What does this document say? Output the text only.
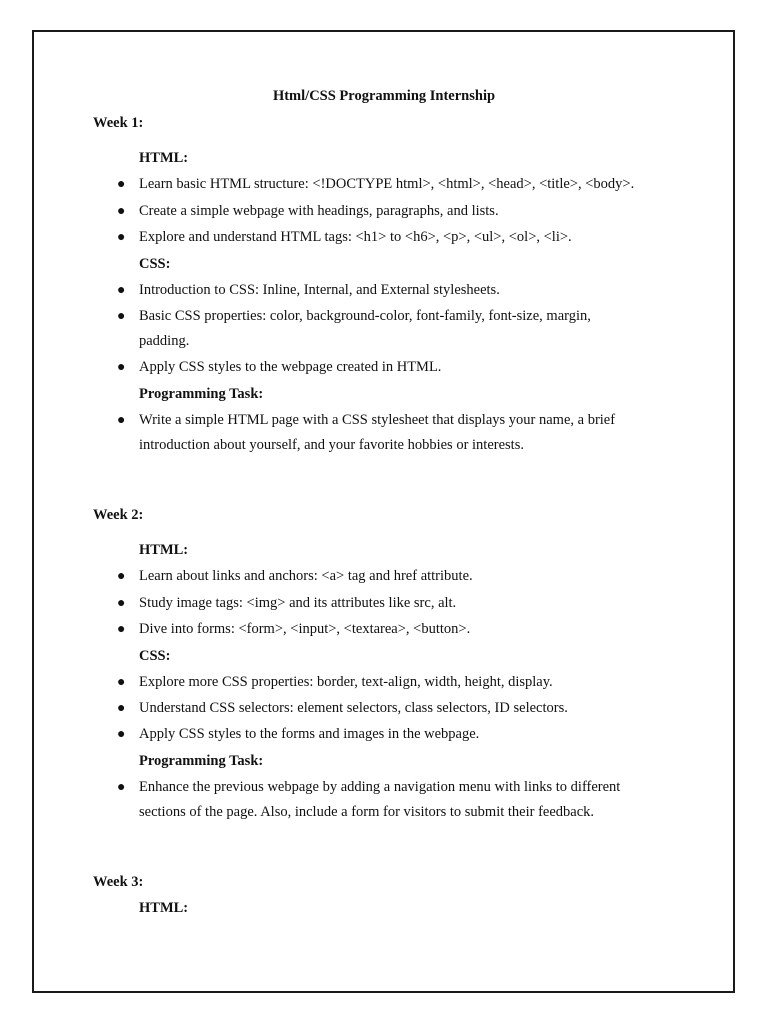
Html/CSS Programming Internship
Week 1:
HTML:
● Learn basic HTML structure: <!DOCTYPE html>, <html>, <head>, <title>, <body>.
● Create a simple webpage with headings, paragraphs, and lists.
● Explore and understand HTML tags: <h1> to <h6>, <p>, <ul>, <ol>, <li>.
CSS:
● Introduction to CSS: Inline, Internal, and External stylesheets.
● Basic CSS properties: color, background-color, font-family, font-size, margin, padding.
● Apply CSS styles to the webpage created in HTML.
Programming Task:
● Write a simple HTML page with a CSS stylesheet that displays your name, a brief introduction about yourself, and your favorite hobbies or interests.
Week 2:
HTML:
● Learn about links and anchors: <a> tag and href attribute.
● Study image tags: <img> and its attributes like src, alt.
● Dive into forms: <form>, <input>, <textarea>, <button>.
CSS:
● Explore more CSS properties: border, text-align, width, height, display.
● Understand CSS selectors: element selectors, class selectors, ID selectors.
● Apply CSS styles to the forms and images in the webpage.
Programming Task:
● Enhance the previous webpage by adding a navigation menu with links to different sections of the page. Also, include a form for visitors to submit their feedback.
Week 3:
HTML:
